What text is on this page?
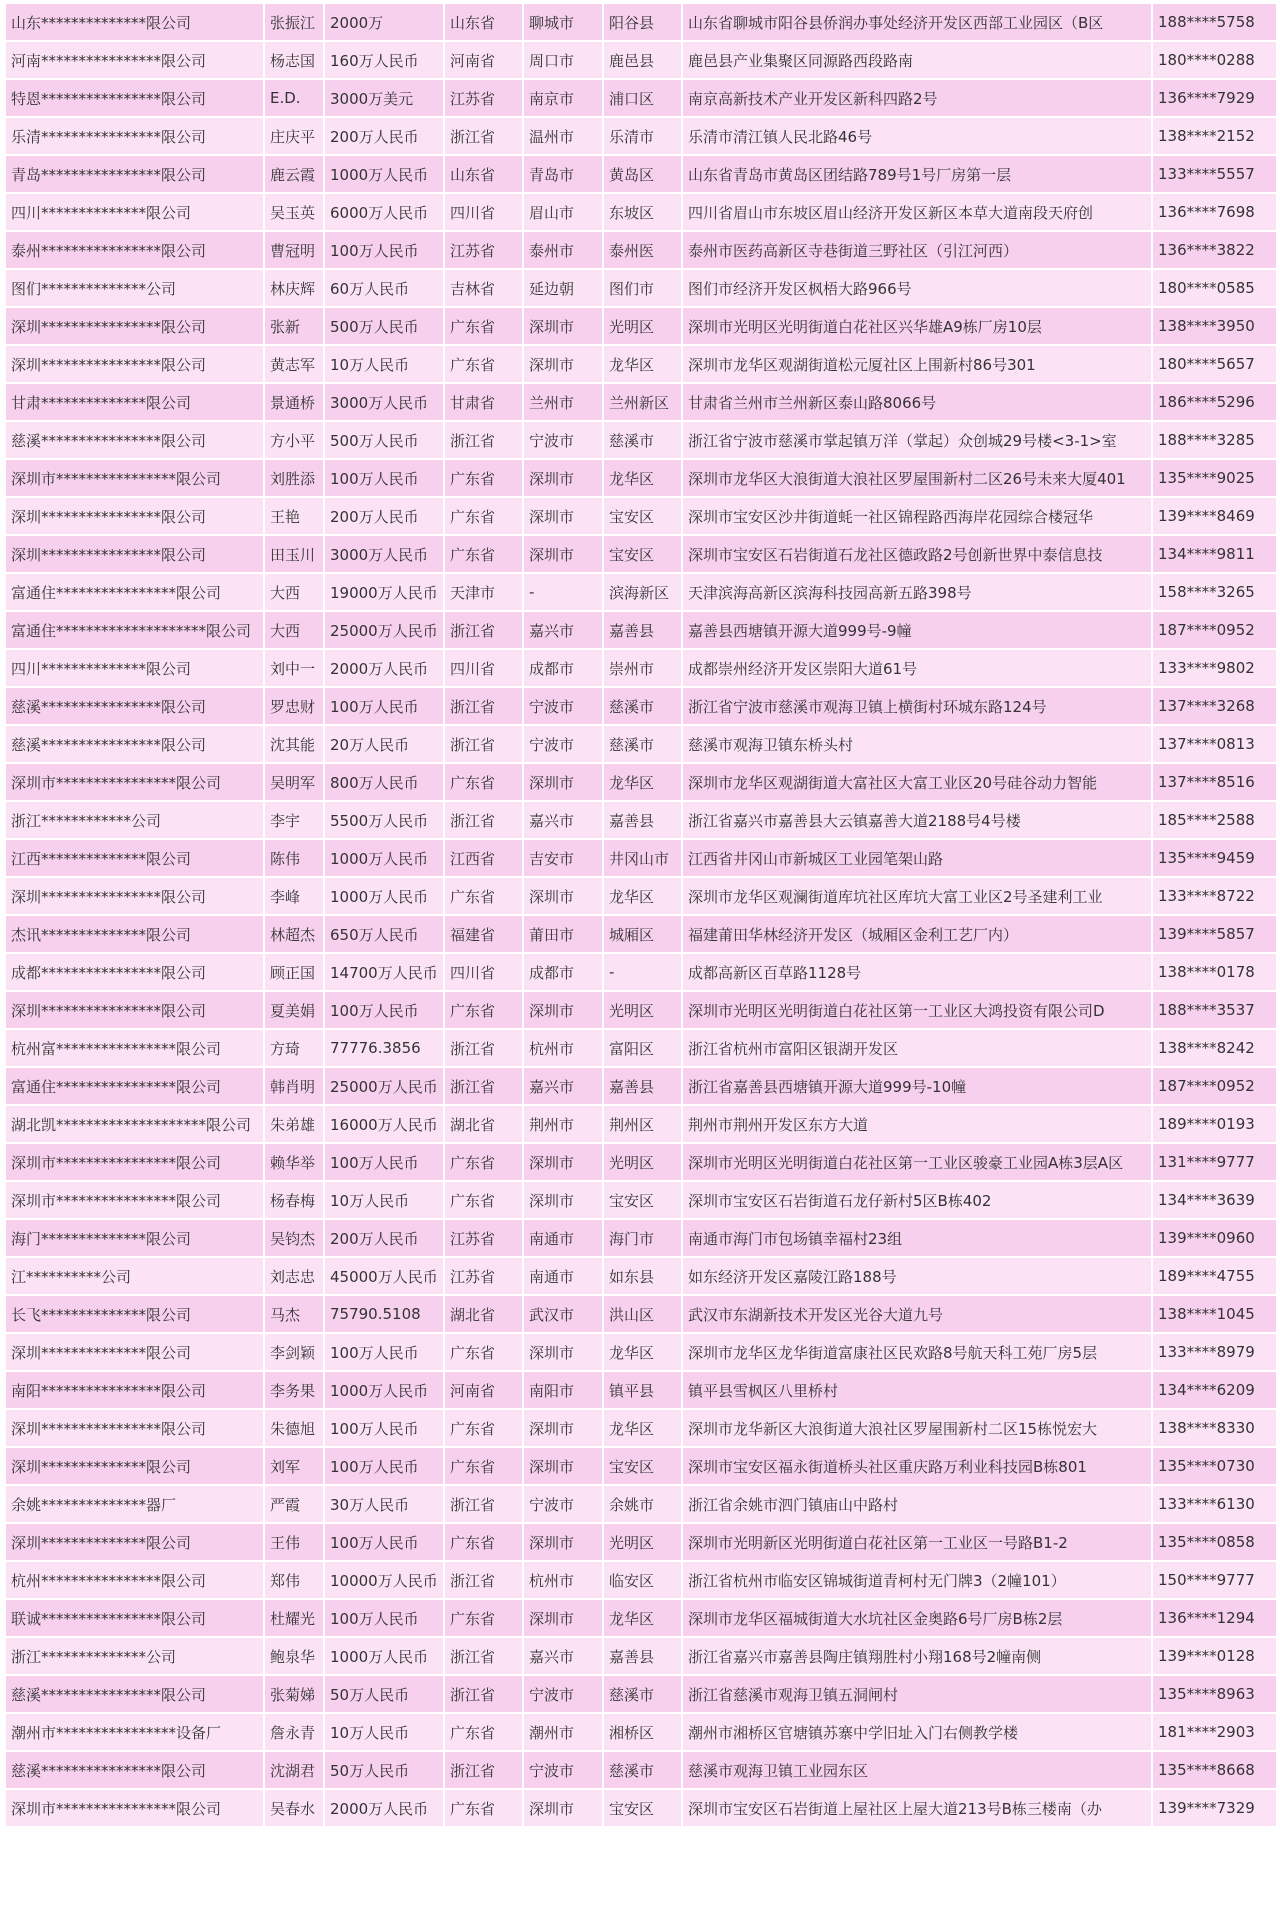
山东**************限公司	张振江	2000万	山东省	聊城市	阳谷县	山东省聊城市阳谷县侨润办事处经济开发区西部工业园区（B区	188****5758
河南****************限公司	杨志国	160万人民币	河南省	周口市	鹿邑县	鹿邑县产业集聚区同源路西段路南	180****0288
特恩****************限公司	E.D.	3000万美元	江苏省	南京市	浦口区	南京高新技术产业开发区新科四路2号	136****7929
乐清****************限公司	庄庆平	200万人民币	浙江省	温州市	乐清市	乐清市清江镇人民北路46号	138****2152
青岛****************限公司	鹿云霞	1000万人民币	山东省	青岛市	黄岛区	山东省青岛市黄岛区团结路789号1号厂房第一层	133****5557
四川**************限公司	吴玉英	6000万人民币	四川省	眉山市	东坡区	四川省眉山市东坡区眉山经济开发区新区本草大道南段天府创	136****7698
泰州****************限公司	曹冠明	100万人民币	江苏省	泰州市	泰州医	泰州市医药高新区寺巷街道三野社区（引江河西）	136****3822
图们**************公司	林庆辉	60万人民币	吉林省	延边朝	图们市	图们市经济开发区枫梧大路966号	180****0585
深圳****************限公司	张新	500万人民币	广东省	深圳市	光明区	深圳市光明区光明街道白花社区兴华雄A9栋厂房10层	138****3950
深圳****************限公司	黄志军	10万人民币	广东省	深圳市	龙华区	深圳市龙华区观湖街道松元厦社区上围新村86号301	180****5657
甘肃**************限公司	景通桥	3000万人民币	甘肃省	兰州市	兰州新区	甘肃省兰州市兰州新区泰山路8066号	186****5296
慈溪****************限公司	方小平	500万人民币	浙江省	宁波市	慈溪市	浙江省宁波市慈溪市掌起镇万洋（掌起）众创城29号楼<3-1>室	188****3285
深圳市****************限公司	刘胜添	100万人民币	广东省	深圳市	龙华区	深圳市龙华区大浪街道大浪社区罗屋围新村二区26号未来大厦401	135****9025
深圳****************限公司	王艳	200万人民币	广东省	深圳市	宝安区	深圳市宝安区沙井街道蚝一社区锦程路西海岸花园综合楼冠华	139****8469
深圳****************限公司	田玉川	3000万人民币	广东省	深圳市	宝安区	深圳市宝安区石岩街道石龙社区德政路2号创新世界中泰信息技	134****9811
富通住****************限公司	大西	19000万人民币	天津市	-	滨海新区	天津滨海高新区滨海科技园高新五路398号	158****3265
富通住********************限公司	大西	25000万人民币	浙江省	嘉兴市	嘉善县	嘉善县西塘镇开源大道999号-9幢	187****0952
四川**************限公司	刘中一	2000万人民币	四川省	成都市	崇州市	成都崇州经济开发区崇阳大道61号	133****9802
慈溪****************限公司	罗忠财	100万人民币	浙江省	宁波市	慈溪市	浙江省宁波市慈溪市观海卫镇上横街村环城东路124号	137****3268
慈溪****************限公司	沈其能	20万人民币	浙江省	宁波市	慈溪市	慈溪市观海卫镇东桥头村	137****0813
深圳市****************限公司	吴明军	800万人民币	广东省	深圳市	龙华区	深圳市龙华区观湖街道大富社区大富工业区20号硅谷动力智能	137****8516
浙江************公司	李宇	5500万人民币	浙江省	嘉兴市	嘉善县	浙江省嘉兴市嘉善县大云镇嘉善大道2188号4号楼	185****2588
江西**************限公司	陈伟	1000万人民币	江西省	吉安市	井冈山市	江西省井冈山市新城区工业园笔架山路	135****9459
深圳****************限公司	李峰	1000万人民币	广东省	深圳市	龙华区	深圳市龙华区观澜街道库坑社区库坑大富工业区2号圣建利工业	133****8722
杰讯**************限公司	林超杰	650万人民币	福建省	莆田市	城厢区	福建莆田华林经济开发区（城厢区金利工艺厂内）	139****5857
成都****************限公司	顾正国	14700万人民币	四川省	成都市	-	成都高新区百草路1128号	138****0178
深圳****************限公司	夏美娟	100万人民币	广东省	深圳市	光明区	深圳市光明区光明街道白花社区第一工业区大鸿投资有限公司D	188****3537
杭州富****************限公司	方琦	77776.3856	浙江省	杭州市	富阳区	浙江省杭州市富阳区银湖开发区	138****8242
富通住****************限公司	韩肖明	25000万人民币	浙江省	嘉兴市	嘉善县	浙江省嘉善县西塘镇开源大道999号-10幢	187****0952
湖北凯********************限公司	朱弟雄	16000万人民币	湖北省	荆州市	荆州区	荆州市荆州开发区东方大道	189****0193
深圳市****************限公司	赖华举	100万人民币	广东省	深圳市	光明区	深圳市光明区光明街道白花社区第一工业区骏豪工业园A栋3层A区	131****9777
深圳市****************限公司	杨春梅	10万人民币	广东省	深圳市	宝安区	深圳市宝安区石岩街道石龙仔新村5区B栋402	134****3639
海门**************限公司	吴钧杰	200万人民币	江苏省	南通市	海门市	南通市海门市包场镇幸福村23组	139****0960
江**********公司	刘志忠	45000万人民币	江苏省	南通市	如东县	如东经济开发区嘉陵江路188号	189****4755
长飞**************限公司	马杰	75790.5108	湖北省	武汉市	洪山区	武汉市东湖新技术开发区光谷大道九号	138****1045
深圳**************限公司	李剑颖	100万人民币	广东省	深圳市	龙华区	深圳市龙华区龙华街道富康社区民欢路8号航天科工苑厂房5层	133****8979
南阳****************限公司	李务果	1000万人民币	河南省	南阳市	镇平县	镇平县雪枫区八里桥村	134****6209
深圳****************限公司	朱德旭	100万人民币	广东省	深圳市	龙华区	深圳市龙华新区大浪街道大浪社区罗屋围新村二区15栋悦宏大	138****8330
深圳**************限公司	刘军	100万人民币	广东省	深圳市	宝安区	深圳市宝安区福永街道桥头社区重庆路万利业科技园B栋801	135****0730
余姚**************器厂	严霞	30万人民币	浙江省	宁波市	余姚市	浙江省余姚市泗门镇庙山中路村	133****6130
深圳**************限公司	王伟	100万人民币	广东省	深圳市	光明区	深圳市光明新区光明街道白花社区第一工业区一号路B1-2	135****0858
杭州****************限公司	郑伟	10000万人民币	浙江省	杭州市	临安区	浙江省杭州市临安区锦城街道青柯村无门牌3（2幢101）	150****9777
联诚****************限公司	杜耀光	100万人民币	广东省	深圳市	龙华区	深圳市龙华区福城街道大水坑社区金奥路6号厂房B栋2层	136****1294
浙江**************公司	鲍泉华	1000万人民币	浙江省	嘉兴市	嘉善县	浙江省嘉兴市嘉善县陶庄镇翔胜村小翔168号2幢南侧	139****0128
慈溪****************限公司	张菊娣	50万人民币	浙江省	宁波市	慈溪市	浙江省慈溪市观海卫镇五洞闸村	135****8963
潮州市****************设备厂	詹永青	10万人民币	广东省	潮州市	湘桥区	潮州市湘桥区官塘镇苏寨中学旧址入门右侧教学楼	181****2903
慈溪****************限公司	沈湖君	50万人民币	浙江省	宁波市	慈溪市	慈溪市观海卫镇工业园东区	135****8668
深圳市****************限公司	吴春水	2000万人民币	广东省	深圳市	宝安区	深圳市宝安区石岩街道上屋社区上屋大道213号B栋三楼南（办	139****7329
